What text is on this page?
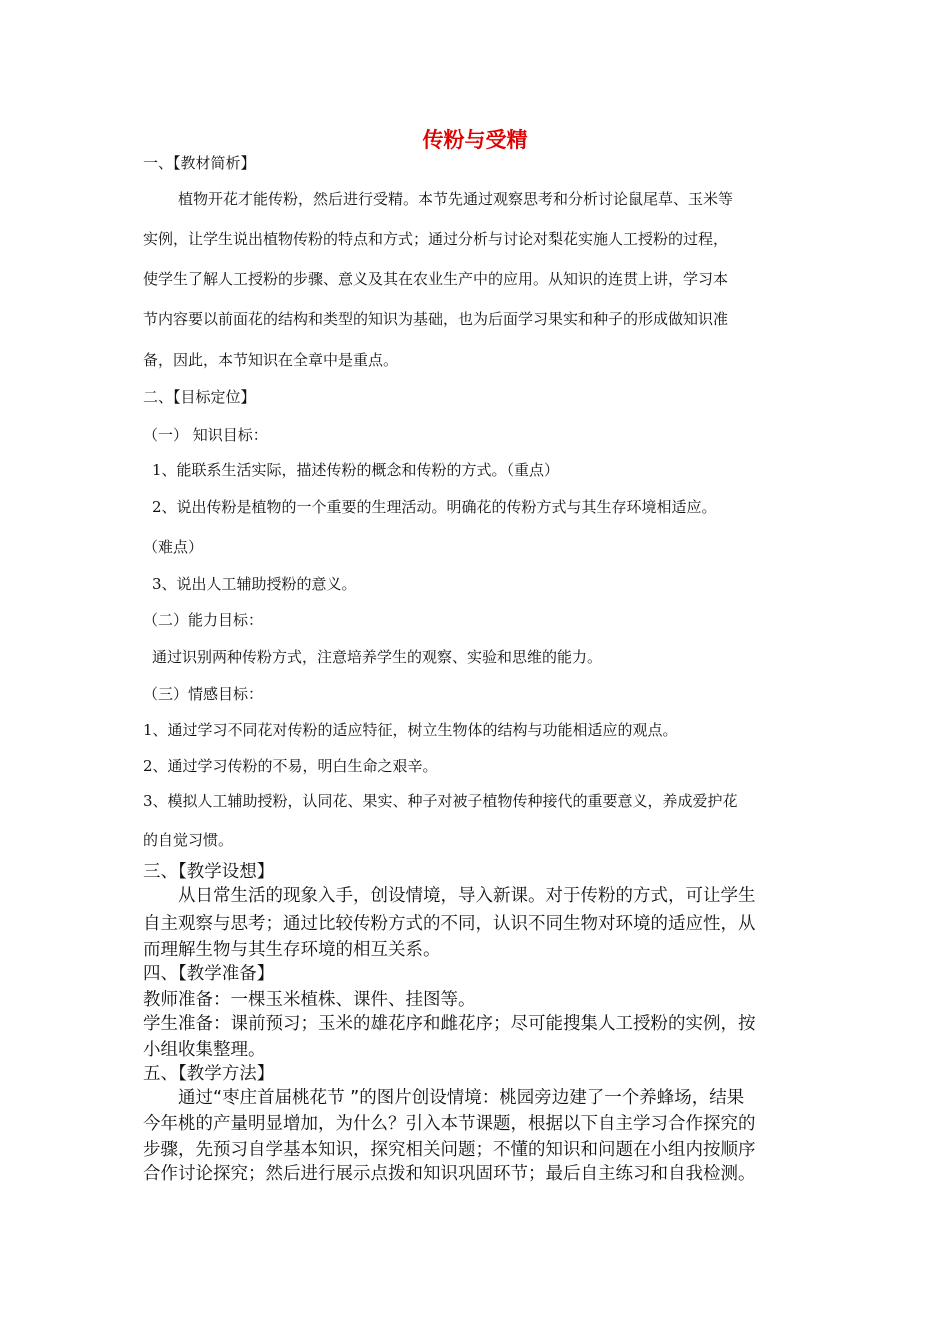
传粉与受精
一、【教材简析】
植物开花才能传粉，然后进行受精。本节先通过观察思考和分析讨论鼠尾草、玉米等
实例，让学生说出植物传粉的特点和方式；通过分析与讨论对梨花实施人工授粉的过程，
使学生了解人工授粉的步骤、意义及其在农业生产中的应用。从知识的连贯上讲，学习本
节内容要以前面花的结构和类型的知识为基础，也为后面学习果实和种子的形成做知识准
备，因此，本节知识在全章中是重点。
二、【目标定位】
（一） 知识目标：
1、能联系生活实际，描述传粉的概念和传粉的方式。（重点）
2、说出传粉是植物的一个重要的生理活动。明确花的传粉方式与其生存环境相适应。
（难点）
3、说出人工辅助授粉的意义。
（二）能力目标：
通过识别两种传粉方式，注意培养学生的观察、实验和思维的能力。
（三）情感目标：
1、通过学习不同花对传粉的适应特征，树立生物体的结构与功能相适应的观点。
2、通过学习传粉的不易，明白生命之艰辛。
3、模拟人工辅助授粉，认同花、果实、种子对被子植物传种接代的重要意义，养成爱护花
的自觉习惯。
三、【教学设想】
从日常生活的现象入手，创设情境，导入新课。对于传粉的方式，可让学生
自主观察与思考；通过比较传粉方式的不同，认识不同生物对环境的适应性，从
而理解生物与其生存环境的相互关系。
四、【教学准备】
教师准备：一棵玉米植株、课件、挂图等。
学生准备：课前预习；玉米的雄花序和雌花序；尽可能搜集人工授粉的实例，按
小组收集整理。
五、【教学方法】
通过“枣庄首届桃花节 ”的图片创设情境：桃园旁边建了一个养蜂场，结果
今年桃的产量明显增加，为什么？引入本节课题，根据以下自主学习合作探究的
步骤，先预习自学基本知识，探究相关问题；不懂的知识和问题在小组内按顺序
合作讨论探究；然后进行展示点拨和知识巩固环节；最后自主练习和自我检测。
